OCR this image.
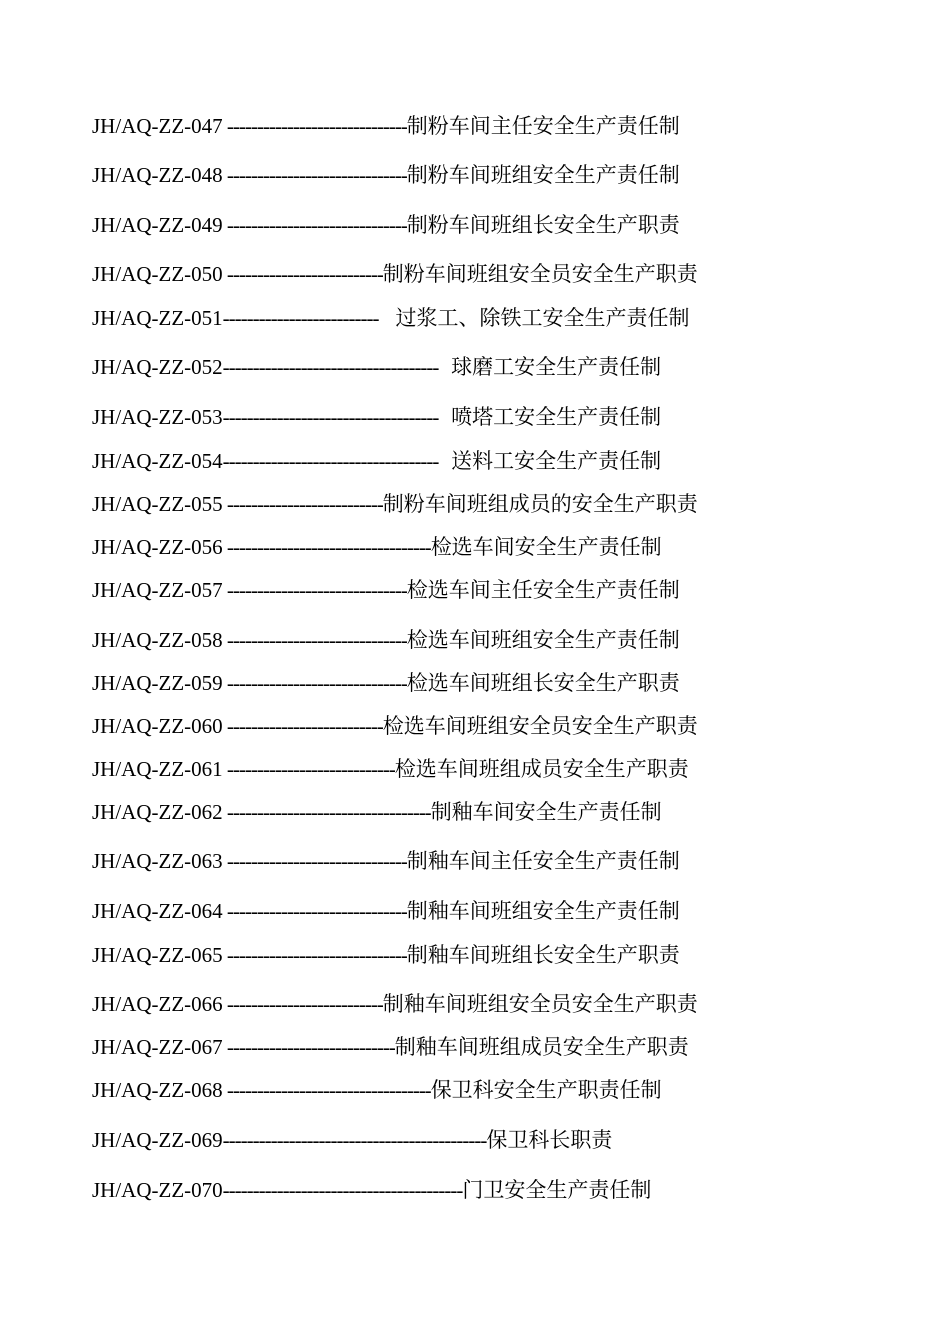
JH/AQ-ZZ-047 ------------------------------制粉车间主任安全生产责任制
JH/AQ-ZZ-048 ------------------------------制粉车间班组安全生产责任制
JH/AQ-ZZ-049 ------------------------------制粉车间班组长安全生产职责
JH/AQ-ZZ-050 --------------------------制粉车间班组安全员安全生产职责
JH/AQ-ZZ-051--------------------------    过浆工、除铁工安全生产责任制
JH/AQ-ZZ-052------------------------------------   球磨工安全生产责任制
JH/AQ-ZZ-053------------------------------------   喷塔工安全生产责任制
JH/AQ-ZZ-054------------------------------------   送料工安全生产责任制
JH/AQ-ZZ-055 --------------------------制粉车间班组成员的安全生产职责
JH/AQ-ZZ-056 ----------------------------------检选车间安全生产责任制
JH/AQ-ZZ-057 ------------------------------检选车间主任安全生产责任制
JH/AQ-ZZ-058 ------------------------------检选车间班组安全生产责任制
JH/AQ-ZZ-059 ------------------------------检选车间班组长安全生产职责
JH/AQ-ZZ-060 --------------------------检选车间班组安全员安全生产职责
JH/AQ-ZZ-061 ----------------------------检选车间班组成员安全生产职责
JH/AQ-ZZ-062 ----------------------------------制釉车间安全生产责任制
JH/AQ-ZZ-063 ------------------------------制釉车间主任安全生产责任制
JH/AQ-ZZ-064 ------------------------------制釉车间班组安全生产责任制
JH/AQ-ZZ-065 ------------------------------制釉车间班组长安全生产职责
JH/AQ-ZZ-066 --------------------------制釉车间班组安全员安全生产职责
JH/AQ-ZZ-067 ----------------------------制釉车间班组成员安全生产职责
JH/AQ-ZZ-068 ----------------------------------保卫科安全生产职责任制
JH/AQ-ZZ-069--------------------------------------------保卫科长职责
JH/AQ-ZZ-070----------------------------------------门卫安全生产责任制
